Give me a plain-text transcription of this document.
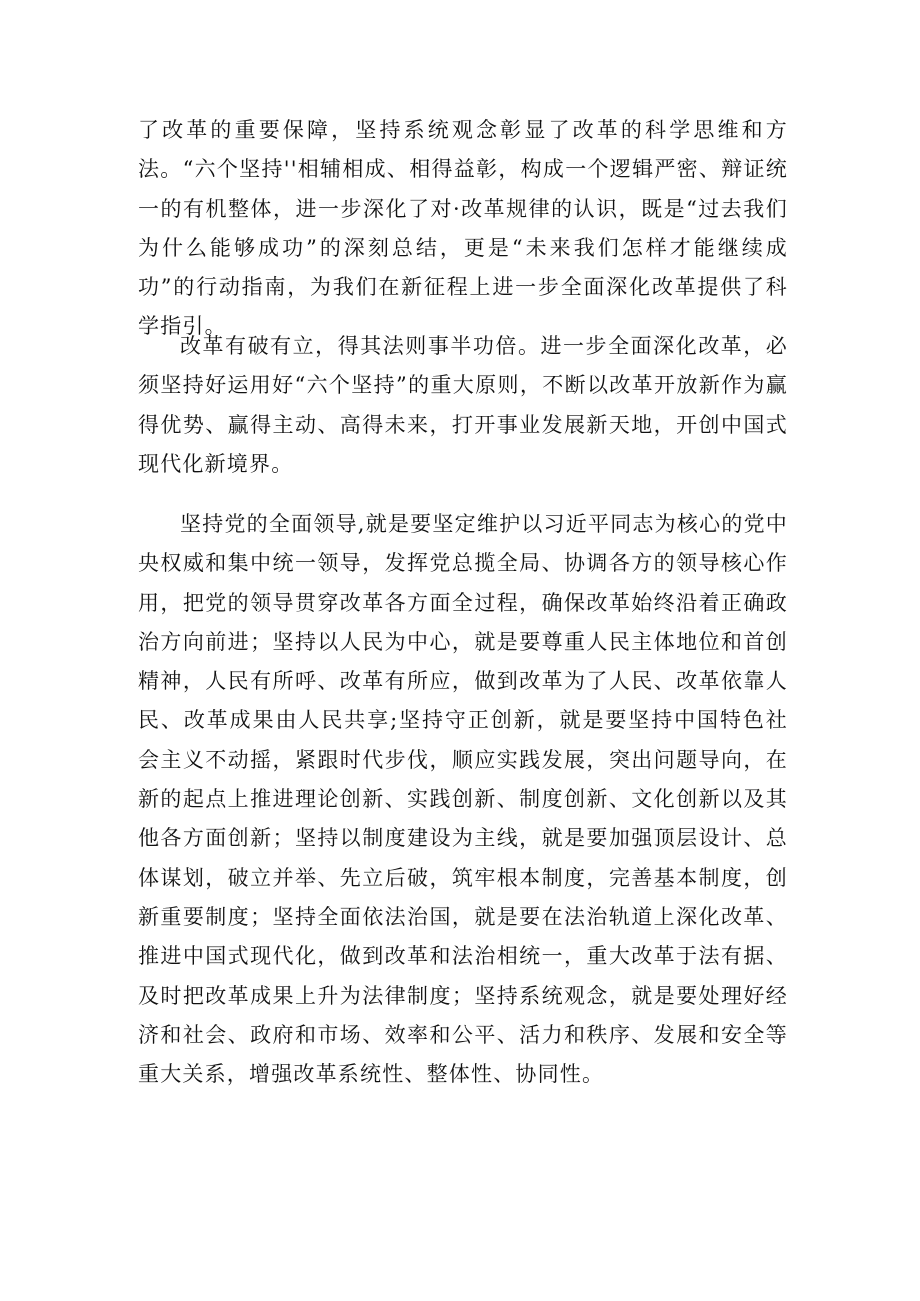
了改革的重要保障，坚持系统观念彰显了改革的科学思维和方法。“六个坚持''相辅相成、相得益彰，构成一个逻辑严密、辩证统一的有机整体，进一步深化了对·改革规律的认识，既是“过去我们为什么能够成功”的深刻总结，更是“未来我们怎样才能继续成功”的行动指南，为我们在新征程上进一步全面深化改革提供了科学指引。

改革有破有立，得其法则事半功倍。进一步全面深化改革，必须坚持好运用好“六个坚持”的重大原则，不断以改革开放新作为赢得优势、赢得主动、高得未来，打开事业发展新天地，开创中国式现代化新境界。

坚持党的全面领导,就是要坚定维护以习近平同志为核心的党中央权威和集中统一领导，发挥党总揽全局、协调各方的领导核心作用，把党的领导贯穿改革各方面全过程，确保改革始终沿着正确政治方向前进；坚持以人民为中心，就是要尊重人民主体地位和首创精神，人民有所呼、改革有所应，做到改革为了人民、改革依靠人民、改革成果由人民共享;坚持守正创新，就是要坚持中国特色社会主义不动摇，紧跟时代步伐，顺应实践发展，突出问题导向，在新的起点上推进理论创新、实践创新、制度创新、文化创新以及其他各方面创新；坚持以制度建设为主线，就是要加强顶层设计、总体谋划，破立并举、先立后破，筑牢根本制度，完善基本制度，创新重要制度；坚持全面依法治国，就是要在法治轨道上深化改革、推进中国式现代化，做到改革和法治相统一，重大改革于法有据、及时把改革成果上升为法律制度；坚持系统观念，就是要处理好经济和社会、政府和市场、效率和公平、活力和秩序、发展和安全等重大关系，增强改革系统性、整体性、协同性。
